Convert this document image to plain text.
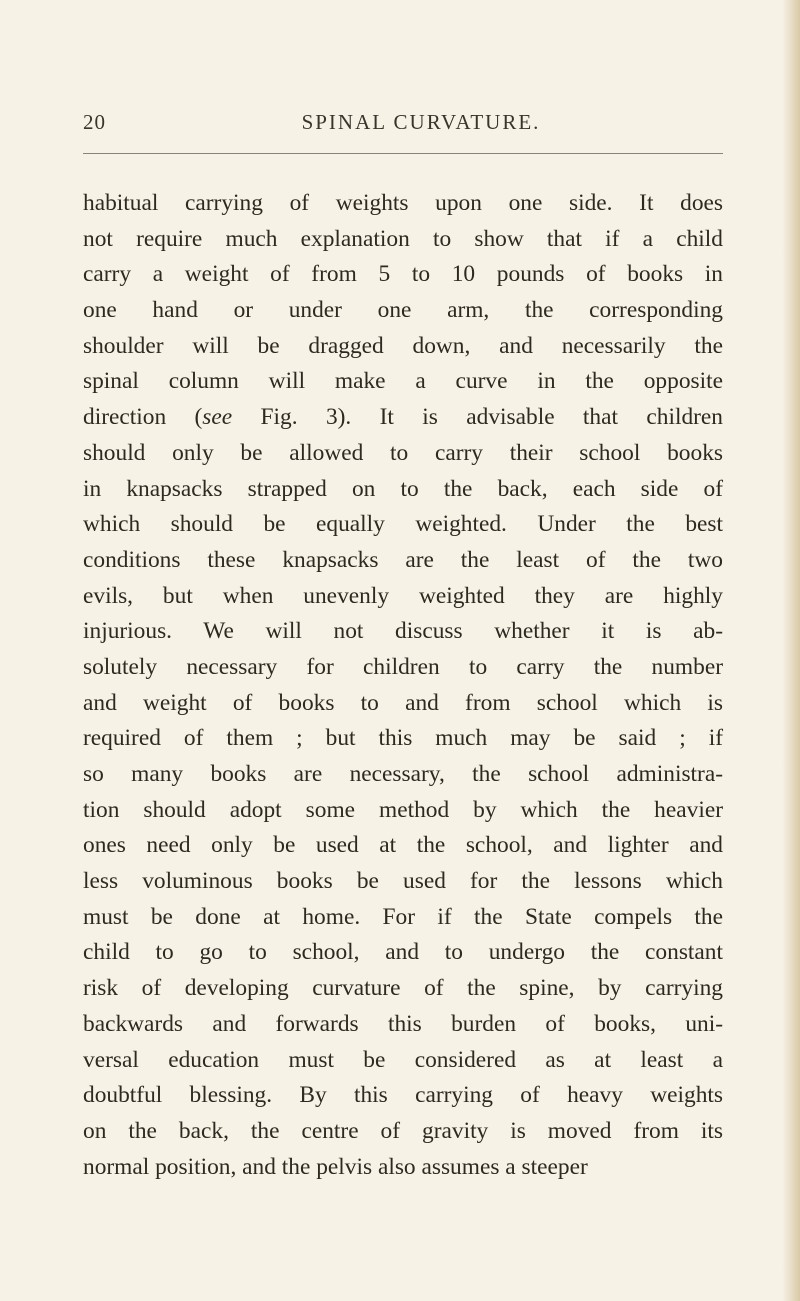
20	SPINAL CURVATURE.
habitual carrying of weights upon one side. It does
not require much explanation to show that if a child
carry a weight of from 5 to 10 pounds of books in
one hand or under one arm, the corresponding
shoulder will be dragged down, and necessarily the
spinal column will make a curve in the opposite
direction (see Fig. 3). It is advisable that children
should only be allowed to carry their school books
in knapsacks strapped on to the back, each side of
which should be equally weighted. Under the best
conditions these knapsacks are the least of the two
evils, but when unevenly weighted they are highly
injurious. We will not discuss whether it is ab-
solutely necessary for children to carry the number
and weight of books to and from school which is
required of them ; but this much may be said ; if
so many books are necessary, the school administra-
tion should adopt some method by which the heavier
ones need only be used at the school, and lighter and
less voluminous books be used for the lessons which
must be done at home. For if the State compels the
child to go to school, and to undergo the constant
risk of developing curvature of the spine, by carrying
backwards and forwards this burden of books, uni-
versal education must be considered as at least a
doubtful blessing. By this carrying of heavy weights
on the back, the centre of gravity is moved from its
normal position, and the pelvis also assumes a steeper
